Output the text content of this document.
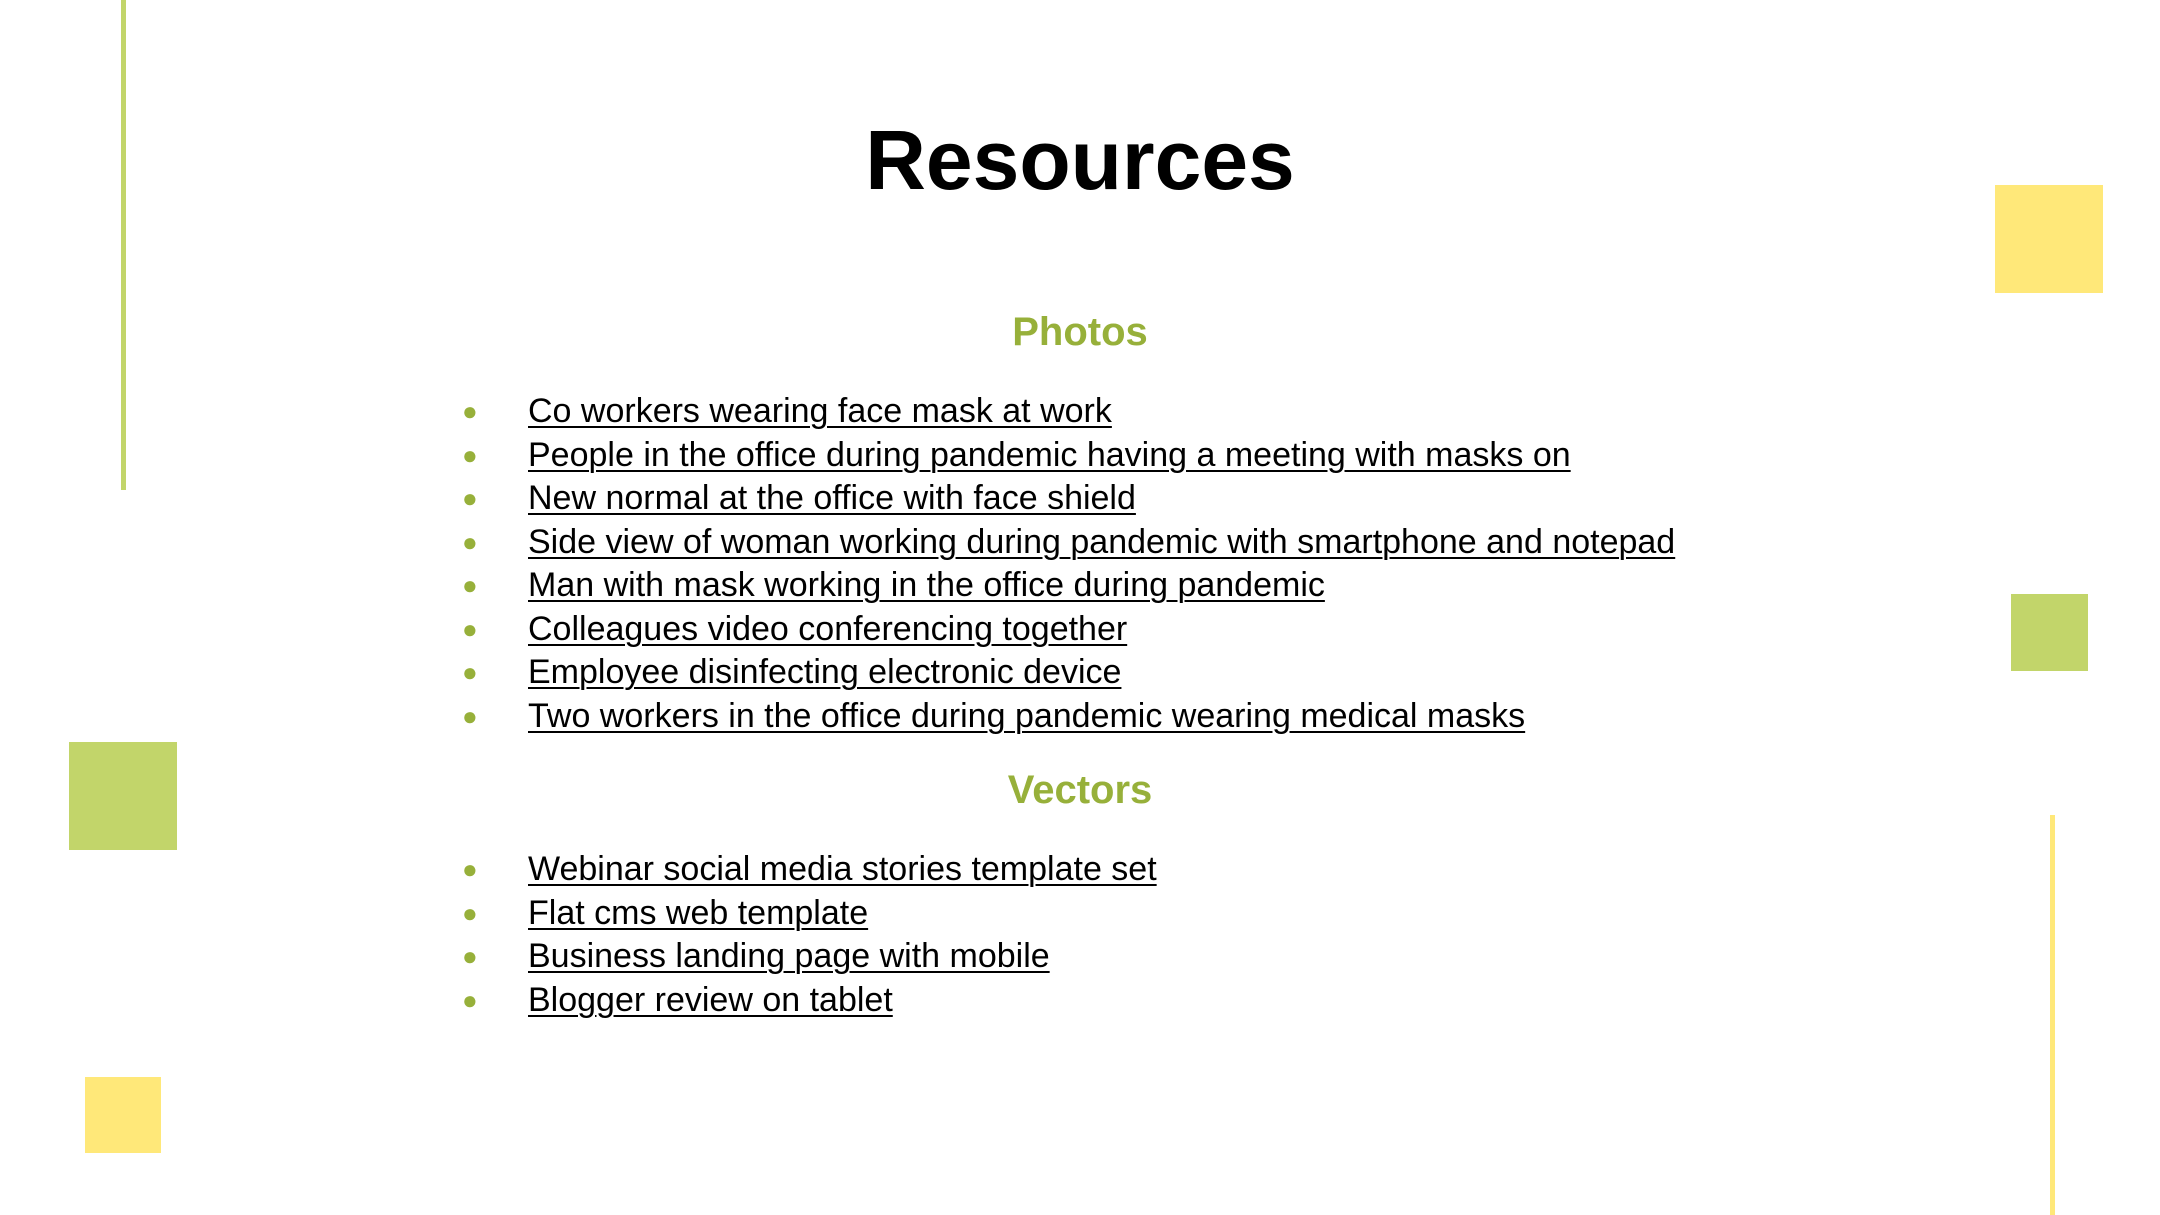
Resources
Photos
● Co workers wearing face mask at work
● People in the office during pandemic having a meeting with masks on
● New normal at the office with face shield
● Side view of woman working during pandemic with smartphone and notepad
● Man with mask working in the office during pandemic
● Colleagues video conferencing together
● Employee disinfecting electronic device
● Two workers in the office during pandemic wearing medical masks
Vectors
● Webinar social media stories template set
● Flat cms web template
● Business landing page with mobile
● Blogger review on tablet
